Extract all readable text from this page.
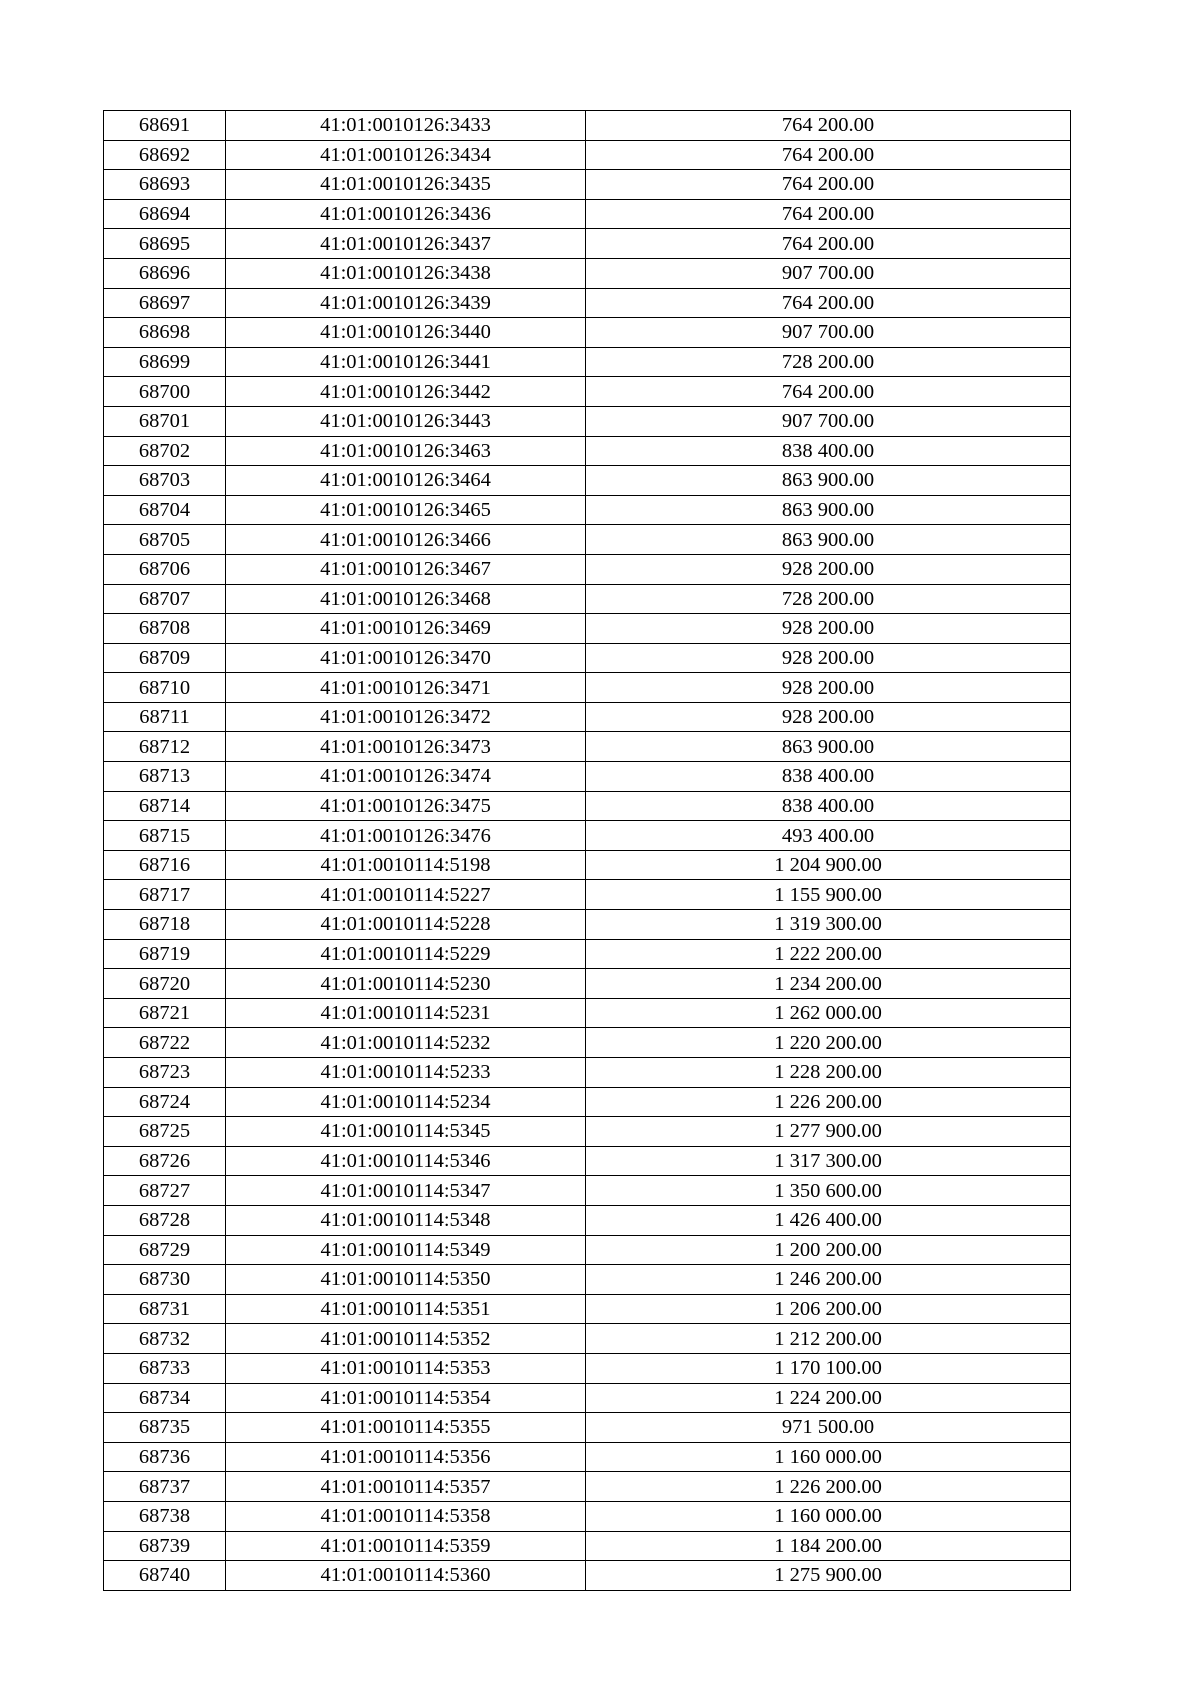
68691	41:01:0010126:3433	764 200.00
68692	41:01:0010126:3434	764 200.00
68693	41:01:0010126:3435	764 200.00
68694	41:01:0010126:3436	764 200.00
68695	41:01:0010126:3437	764 200.00
68696	41:01:0010126:3438	907 700.00
68697	41:01:0010126:3439	764 200.00
68698	41:01:0010126:3440	907 700.00
68699	41:01:0010126:3441	728 200.00
68700	41:01:0010126:3442	764 200.00
68701	41:01:0010126:3443	907 700.00
68702	41:01:0010126:3463	838 400.00
68703	41:01:0010126:3464	863 900.00
68704	41:01:0010126:3465	863 900.00
68705	41:01:0010126:3466	863 900.00
68706	41:01:0010126:3467	928 200.00
68707	41:01:0010126:3468	728 200.00
68708	41:01:0010126:3469	928 200.00
68709	41:01:0010126:3470	928 200.00
68710	41:01:0010126:3471	928 200.00
68711	41:01:0010126:3472	928 200.00
68712	41:01:0010126:3473	863 900.00
68713	41:01:0010126:3474	838 400.00
68714	41:01:0010126:3475	838 400.00
68715	41:01:0010126:3476	493 400.00
68716	41:01:0010114:5198	1 204 900.00
68717	41:01:0010114:5227	1 155 900.00
68718	41:01:0010114:5228	1 319 300.00
68719	41:01:0010114:5229	1 222 200.00
68720	41:01:0010114:5230	1 234 200.00
68721	41:01:0010114:5231	1 262 000.00
68722	41:01:0010114:5232	1 220 200.00
68723	41:01:0010114:5233	1 228 200.00
68724	41:01:0010114:5234	1 226 200.00
68725	41:01:0010114:5345	1 277 900.00
68726	41:01:0010114:5346	1 317 300.00
68727	41:01:0010114:5347	1 350 600.00
68728	41:01:0010114:5348	1 426 400.00
68729	41:01:0010114:5349	1 200 200.00
68730	41:01:0010114:5350	1 246 200.00
68731	41:01:0010114:5351	1 206 200.00
68732	41:01:0010114:5352	1 212 200.00
68733	41:01:0010114:5353	1 170 100.00
68734	41:01:0010114:5354	1 224 200.00
68735	41:01:0010114:5355	971 500.00
68736	41:01:0010114:5356	1 160 000.00
68737	41:01:0010114:5357	1 226 200.00
68738	41:01:0010114:5358	1 160 000.00
68739	41:01:0010114:5359	1 184 200.00
68740	41:01:0010114:5360	1 275 900.00
